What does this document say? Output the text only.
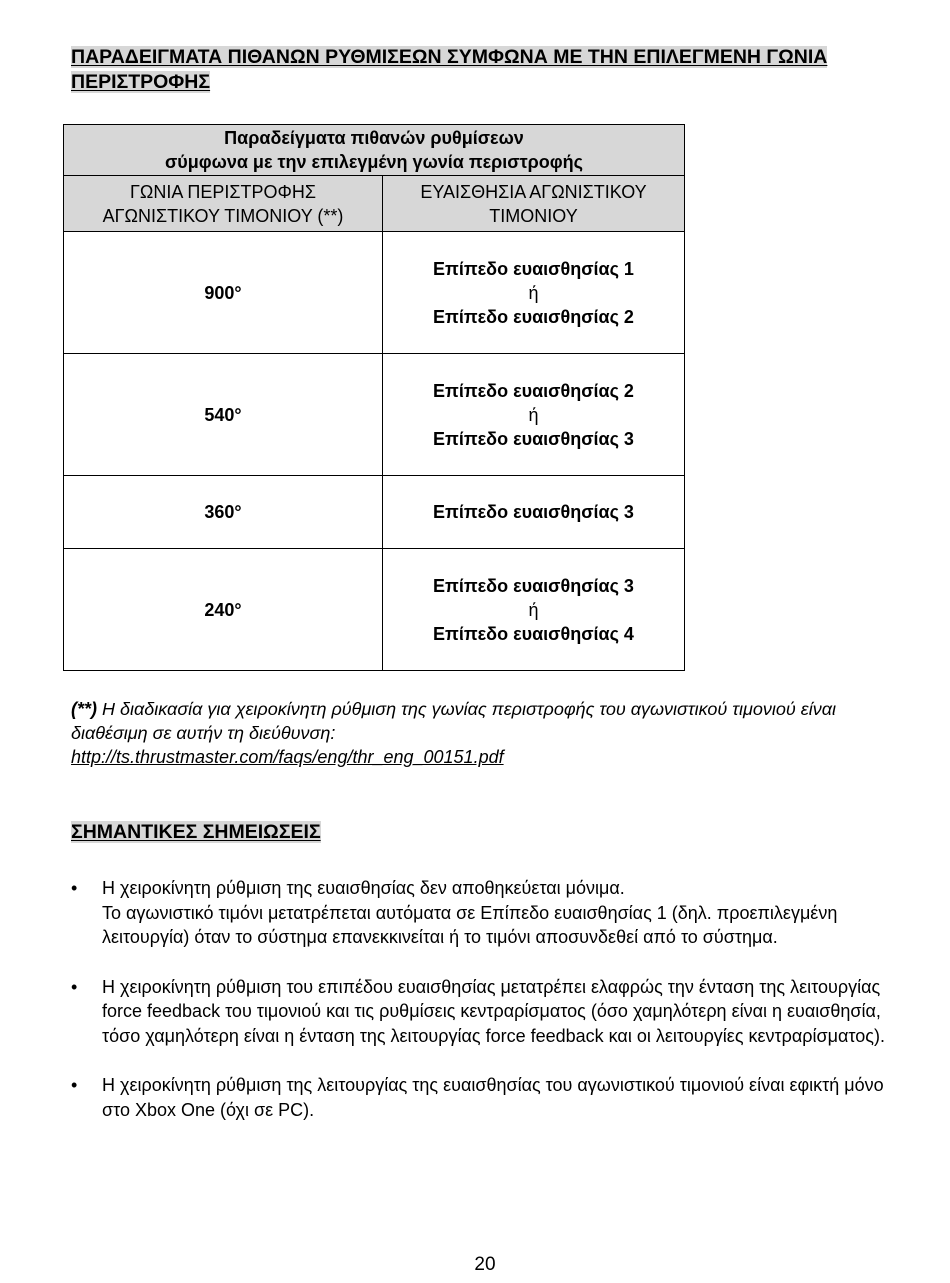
ΠΑΡΑΔΕΙΓΜΑΤΑ ΠΙΘΑΝΩΝ ΡΥΘΜΙΣΕΩΝ ΣΥΜΦΩΝΑ ΜΕ ΤΗΝ ΕΠΙΛΕΓΜΕΝΗ ΓΩΝΙΑ ΠΕΡΙΣΤΡΟΦΗΣ
Παραδείγματα πιθανών ρυθμίσεων
σύμφωνα με την επιλεγμένη γωνία περιστροφής	

ΓΩΝΙΑ ΠΕΡΙΣΤΡΟΦΗΣ
ΑΓΩΝΙΣΤΙΚΟΥ ΤΙΜΟΝΙΟΥ (**)	ΕΥΑΙΣΘΗΣΙΑ ΑΓΩΝΙΣΤΙΚΟΥ
ΤΙΜΟΝΙΟΥ

900°	Επίπεδο ευαισθησίας 1
ή
Επίπεδο ευαισθησίας 2

540°	Επίπεδο ευαισθησίας 2
ή
Επίπεδο ευαισθησίας 3

360°	Επίπεδο ευαισθησίας 3

240°	Επίπεδο ευαισθησίας 3
ή
Επίπεδο ευαισθησίας 4

(**) Η διαδικασία για χειροκίνητη ρύθμιση της γωνίας περιστροφής του αγωνιστικού τιμονιού είναι διαθέσιμη σε αυτήν τη διεύθυνση:
http://ts.thrustmaster.com/faqs/eng/thr_eng_00151.pdf

ΣΗΜΑΝΤΙΚΕΣ ΣΗΜΕΙΩΣΕΙΣ
• Η χειροκίνητη ρύθμιση της ευαισθησίας δεν αποθηκεύεται μόνιμα.
Το αγωνιστικό τιμόνι μετατρέπεται αυτόματα σε Επίπεδο ευαισθησίας 1 (δηλ. προεπιλεγμένη λειτουργία) όταν το σύστημα επανεκκινείται ή το τιμόνι αποσυνδεθεί από το σύστημα.
• Η χειροκίνητη ρύθμιση του επιπέδου ευαισθησίας μετατρέπει ελαφρώς την ένταση της λειτουργίας force feedback του τιμονιού και τις ρυθμίσεις κεντραρίσματος (όσο χαμηλότερη είναι η ευαισθησία, τόσο χαμηλότερη είναι η ένταση της λειτουργίας force feedback και οι λειτουργίες κεντραρίσματος).
• Η χειροκίνητη ρύθμιση της λειτουργίας της ευαισθησίας του αγωνιστικού τιμονιού είναι εφικτή μόνο στο Xbox One (όχι σε PC).
20
